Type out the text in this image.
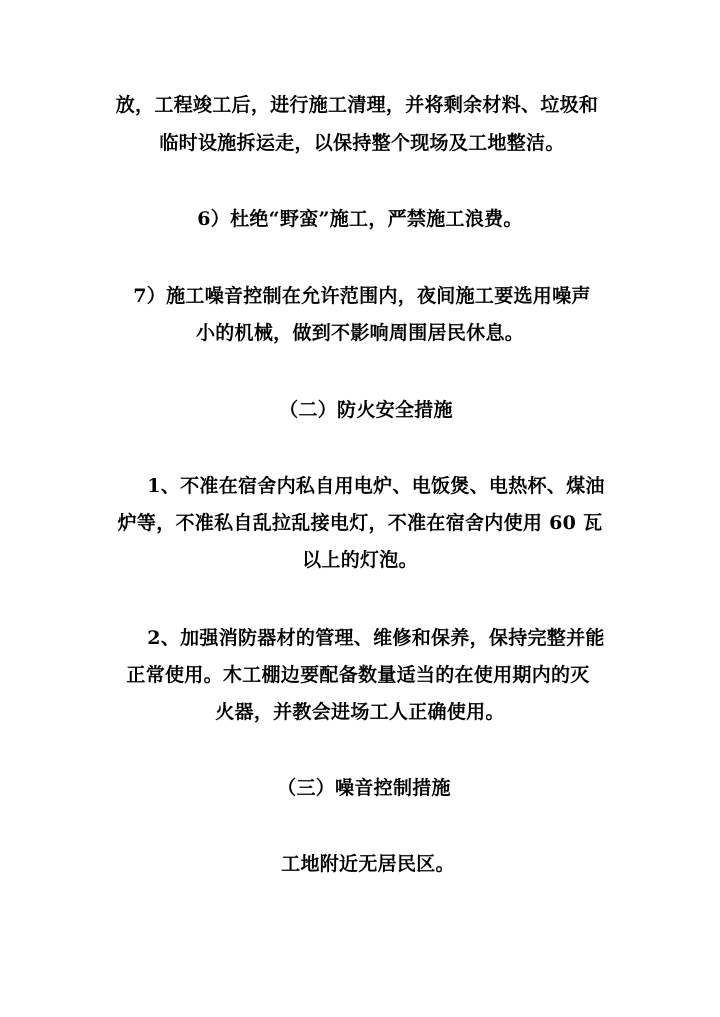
放，工程竣工后，进行施工清理，并将剩余材料、垃圾和
临时设施拆运走，以保持整个现场及工地整洁。
6）杜绝“野蛮”施工，严禁施工浪费。
7）施工噪音控制在允许范围内，夜间施工要选用噪声
小的机械，做到不影响周围居民休息。
（二）防火安全措施
1、不准在宿舍内私自用电炉、电饭煲、电热杯、煤油
炉等，不准私自乱拉乱接电灯，不准在宿舍内使用 60 瓦
以上的灯泡。
2、加强消防器材的管理、维修和保养，保持完整并能
正常使用。木工棚边要配备数量适当的在使用期内的灭
火器，并教会进场工人正确使用。
（三）噪音控制措施
工地附近无居民区。
